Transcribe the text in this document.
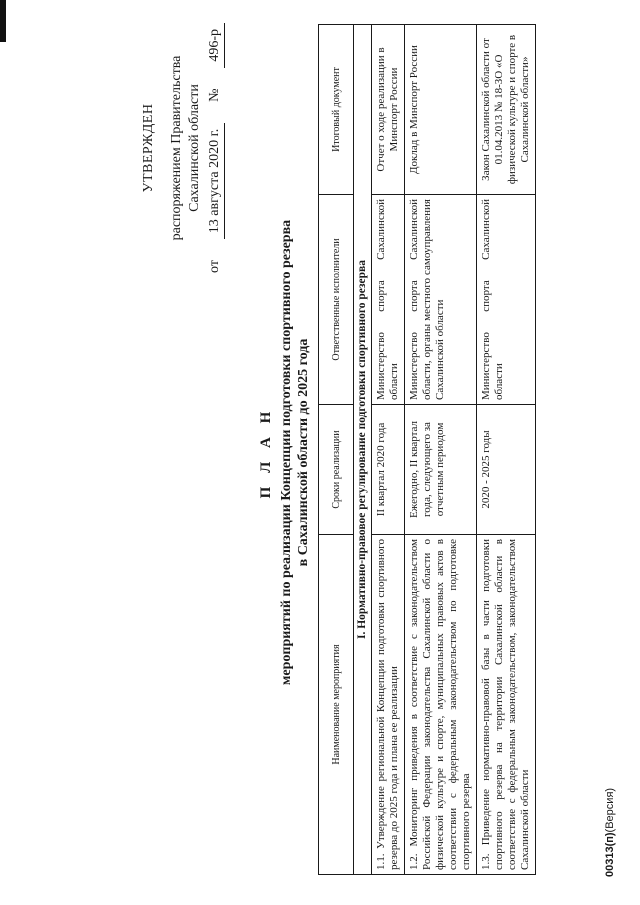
УТВЕРЖДЕН распоряжением Правительства Сахалинской области
от
13 августа 2020 г.
№
496-р
П Л А Н мероприятий по реализации Концепции подготовки спортивного резерва в Сахалинской области до 2025 года
Наименование мероприятия	Сроки реализации	Ответственные исполнители	Итоговый документ
I. Нормативно-правовое регулирование подготовки спортивного резерва			
1.1. Утверждение региональной Концепции подготовки спортивного резерва до 2025 года и плана ее реализации	II квартал 2020 года	Министерство спорта Сахалинской области	Отчет о ходе реализации в Минспорт России
1.2. Мониторинг приведения в соответствие с законодательством Российской Федерации законодательства Сахалинской области о физической культуре и спорте, муниципальных правовых актов в соответствии с федеральным законодательством по подготовке спортивного резерва	Ежегодно, II квартал года, следующего за отчетным периодом	Министерство спорта Сахалинской области, органы местного самоуправления Сахалинской области	Доклад в Минспорт России
1.3. Приведение нормативно-правовой базы в части подготовки спортивного резерва на территории Сахалинской области в соответствие с федеральным законодательством, законодательством Сахалинской области	2020 - 2025 годы	Министерство спорта Сахалинской области	Закон Сахалинской области от 01.04.2013 № 18-ЗО «О физической культуре и спорте в Сахалинской области»
00313(п)(Версия)
